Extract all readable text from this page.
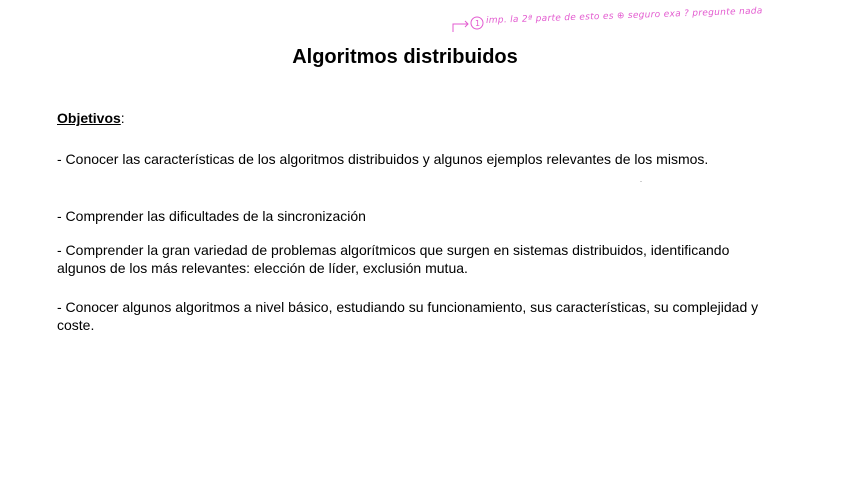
1 imp. la 2ª parte de esto es ⊕ seguro exa ? pregunte nada
Algoritmos distribuidos
Objetivos:
- Conocer las características de los algoritmos distribuidos y algunos ejemplos relevantes de los mismos.
- Comprender las dificultades de la sincronización
- Comprender la gran variedad de problemas algorítmicos que surgen en sistemas distribuidos, identificando algunos de los más relevantes: elección de líder, exclusión mutua.
- Conocer algunos algoritmos a nivel básico, estudiando su funcionamiento, sus características, su complejidad y coste.
